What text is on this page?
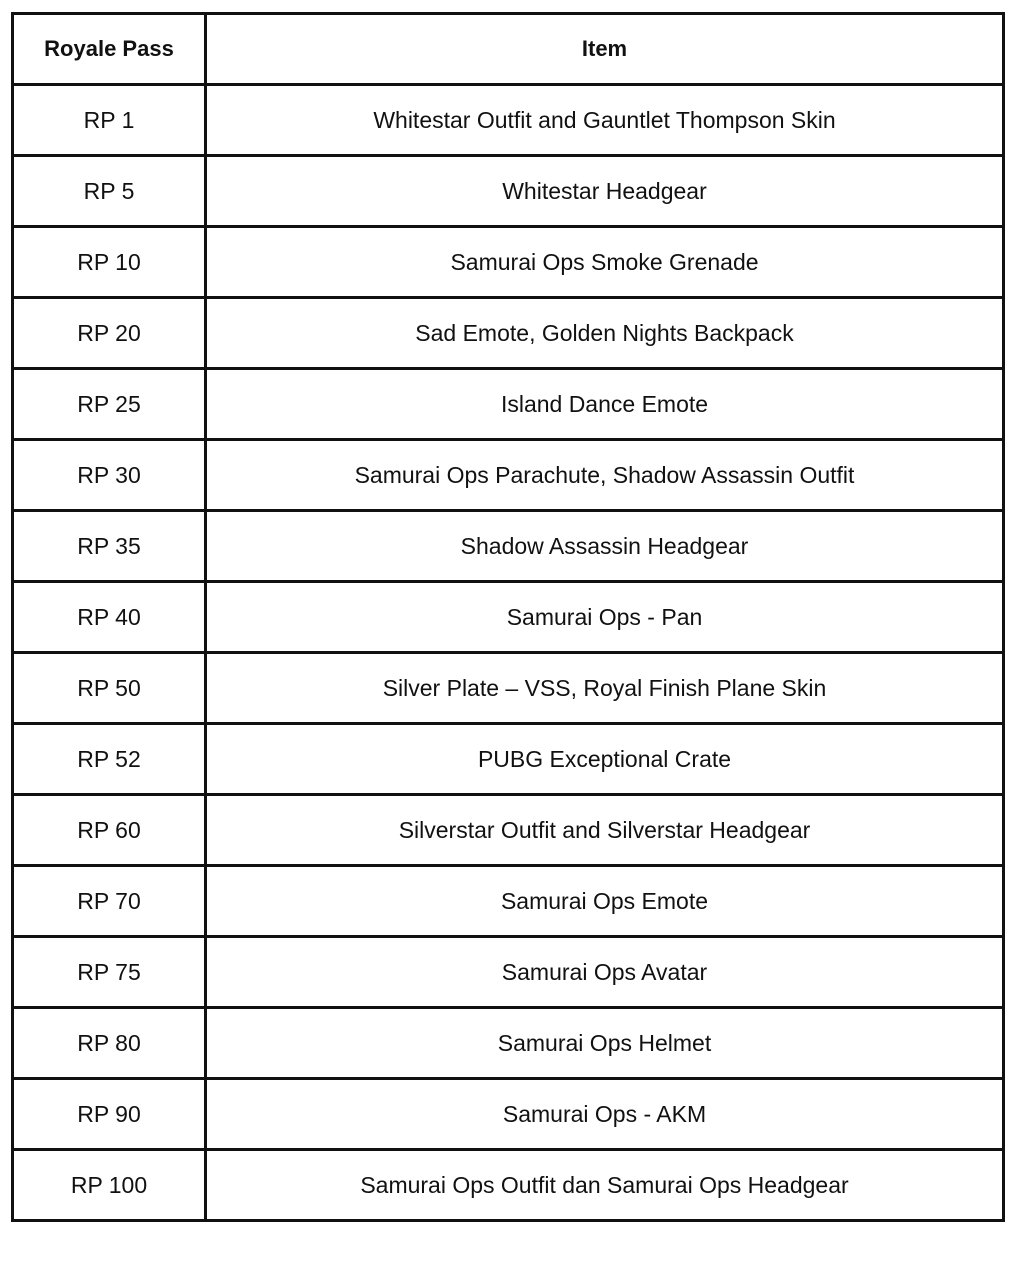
Royale Pass	Item
RP 1	Whitestar Outfit and Gauntlet Thompson Skin
RP 5	Whitestar Headgear
RP 10	Samurai Ops Smoke Grenade
RP 20	Sad Emote, Golden Nights Backpack
RP 25	Island Dance Emote
RP 30	Samurai Ops Parachute, Shadow Assassin Outfit
RP 35	Shadow Assassin Headgear
RP 40	Samurai Ops - Pan
RP 50	Silver Plate – VSS, Royal Finish Plane Skin
RP 52	PUBG Exceptional Crate
RP 60	Silverstar Outfit and Silverstar Headgear
RP 70	Samurai Ops Emote
RP 75	Samurai Ops Avatar
RP 80	Samurai Ops Helmet
RP 90	Samurai Ops - AKM
RP 100	Samurai Ops Outfit dan Samurai Ops Headgear
